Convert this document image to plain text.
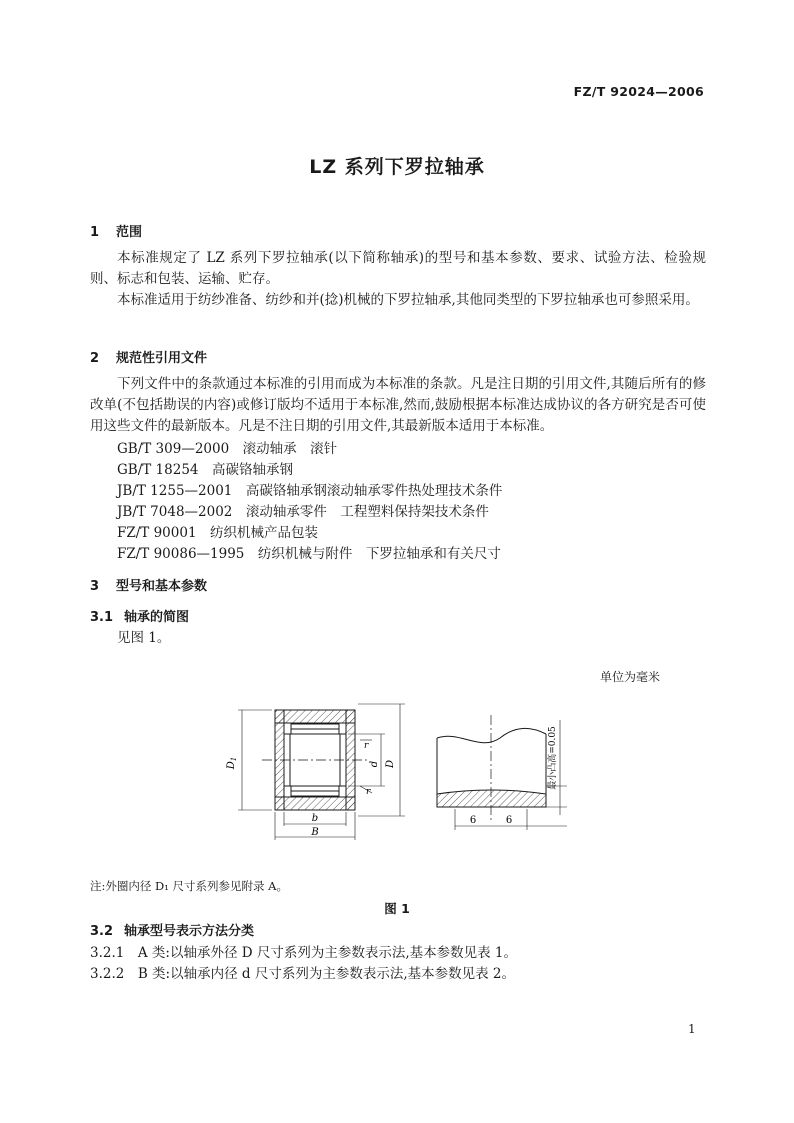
FZ/T 92024—2006
LZ 系列下罗拉轴承
1 范围
本标准规定了 LZ 系列下罗拉轴承(以下简称轴承)的型号和基本参数、要求、试验方法、检验规则、标志和包装、运输、贮存。
本标准适用于纺纱准备、纺纱和并(捻)机械的下罗拉轴承,其他同类型的下罗拉轴承也可参照采用。
2 规范性引用文件
下列文件中的条款通过本标准的引用而成为本标准的条款。凡是注日期的引用文件,其随后所有的修改单(不包括勘误的内容)或修订版均不适用于本标准,然而,鼓励根据本标准达成协议的各方研究是否可使用这些文件的最新版本。凡是不注日期的引用文件,其最新版本适用于本标准。
GB/T 309—2000　滚动轴承　滚针
GB/T 18254　高碳铬轴承钢
JB/T 1255—2001　高碳铬轴承钢滚动轴承零件热处理技术条件
JB/T 7048—2002　滚动轴承零件　工程塑料保持架技术条件
FZ/T 90001　纺织机械产品包装
FZ/T 90086—1995　纺织机械与附件　下罗拉轴承和有关尺寸
3 型号和基本参数
3.1 轴承的简图
见图 1。
单位为毫米
$D_1$
D
d
r
r
b
B
6	6
最小凸高=0.05
注:外圈内径 D₁ 尺寸系列参见附录 A。
图 1
3.2 轴承型号表示方法分类
3.2.1　A 类:以轴承外径 D 尺寸系列为主参数表示法,基本参数见表 1。
3.2.2　B 类:以轴承内径 d 尺寸系列为主参数表示法,基本参数见表 2。
1
